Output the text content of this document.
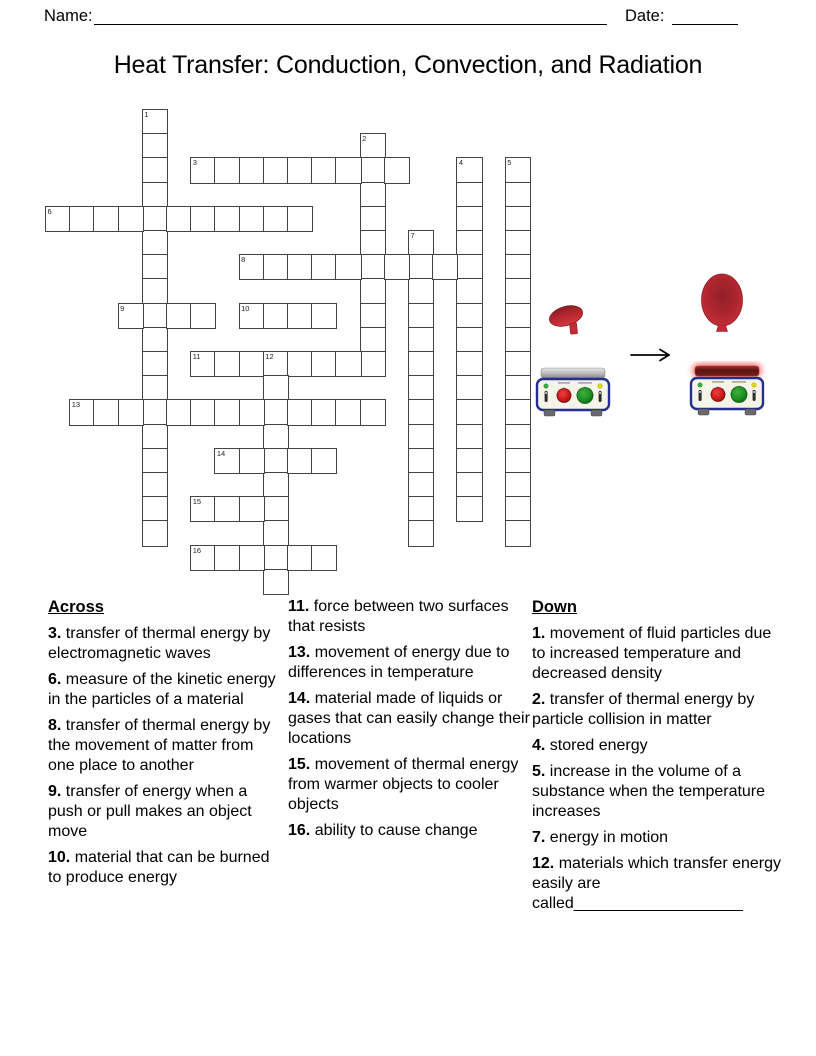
Name:	Date:
Heat Transfer: Conduction, Convection, and Radiation
1
2
3	4	5
6
7
8
9	10
11	12
13
14
15
16
Across

3. transfer of thermal energy by electromagnetic waves

6. measure of the kinetic energy in the particles of a material

8. transfer of thermal energy by the movement of matter from one place to another

9. transfer of energy when a push or pull makes an object move

10. material that can be burned to produce energy

11. force between two surfaces that resists

13. movement of energy due to differences in temperature

14. material made of liquids or gases that can easily change their locations

15. movement of thermal energy from warmer objects to cooler objects

16. ability to cause change

Down

1. movement of fluid particles due to increased temperature and decreased density

2. transfer of thermal energy by particle collision in matter

4. stored energy

5. increase in the volume of a substance when the temperature increases

7. energy in motion

12. materials which transfer energy easily are called___________________
